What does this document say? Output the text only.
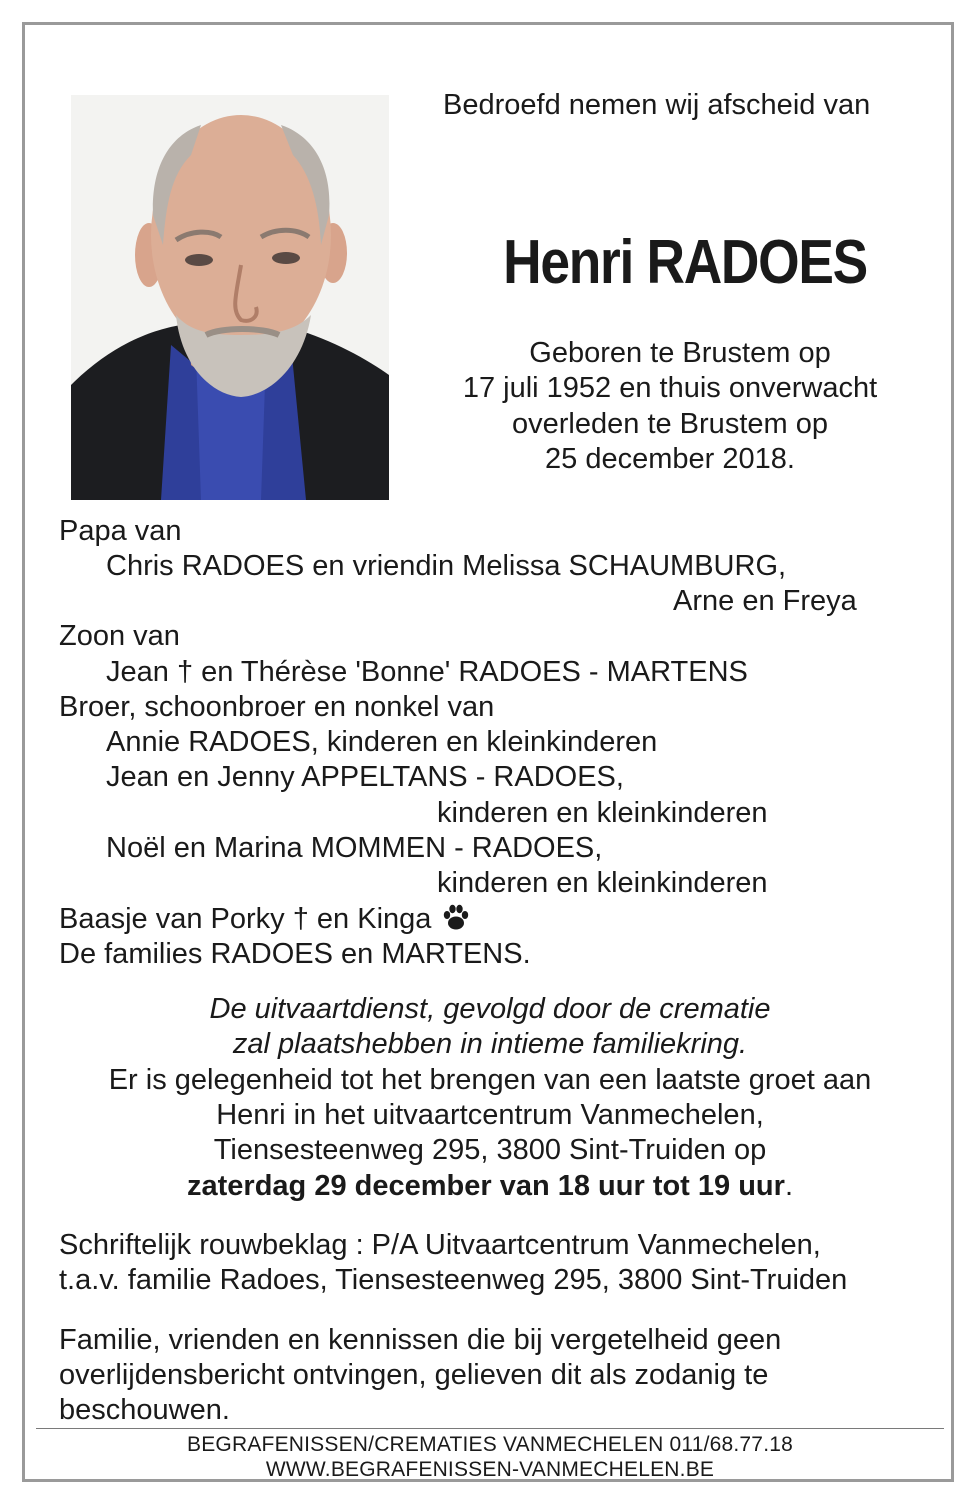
Bedroefd nemen wij afscheid van
Henri RADOES
Geboren te Brustem op
17 juli 1952 en thuis onverwacht
overleden te Brustem op
25 december 2018.
Papa van
Chris RADOES en vriendin Melissa SCHAUMBURG,
Arne en Freya
Zoon van
Jean † en Thérèse 'Bonne' RADOES - MARTENS
Broer, schoonbroer en nonkel van
Annie RADOES, kinderen en kleinkinderen
Jean en Jenny APPELTANS - RADOES,
kinderen en kleinkinderen
Noël en Marina MOMMEN - RADOES,
kinderen en kleinkinderen
Baasje van Porky † en Kinga
De families RADOES en MARTENS.
De uitvaartdienst, gevolgd door de crematie
zal plaatshebben in intieme familiekring.
Er is gelegenheid tot het brengen van een laatste groet aan
Henri in het uitvaartcentrum Vanmechelen,
Tiensesteenweg 295, 3800 Sint-Truiden op
zaterdag 29 december van 18 uur tot 19 uur.
Schriftelijk rouwbeklag : P/A Uitvaartcentrum Vanmechelen,
t.a.v. familie Radoes, Tiensesteenweg 295, 3800 Sint-Truiden
Familie, vrienden en kennissen die bij vergetelheid geen
overlijdensbericht ontvingen, gelieven dit als zodanig te
beschouwen.
BEGRAFENISSEN/CREMATIES VANMECHELEN 011/68.77.18
WWW.BEGRAFENISSEN-VANMECHELEN.BE
